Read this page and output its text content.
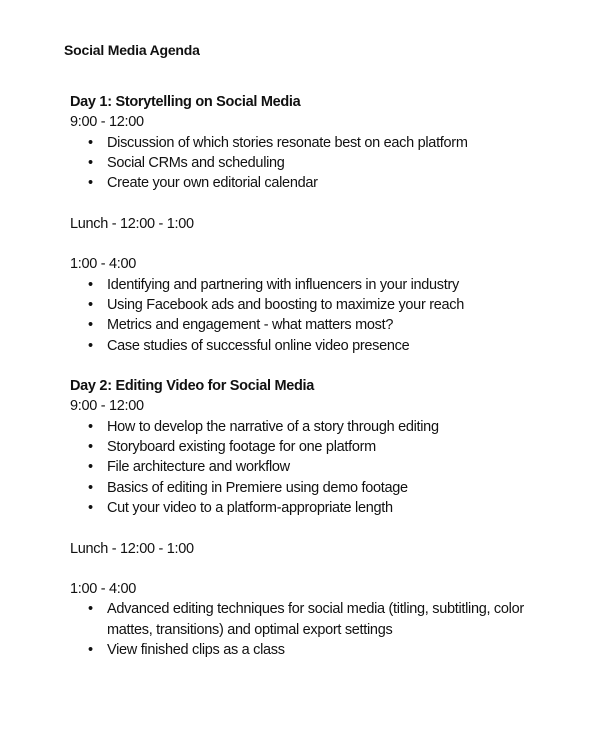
Social Media Agenda
Day 1: Storytelling on Social Media
9:00 - 12:00
• Discussion of which stories resonate best on each platform
• Social CRMs and scheduling
• Create your own editorial calendar
Lunch - 12:00 - 1:00
1:00 - 4:00
• Identifying and partnering with influencers in your industry
• Using Facebook ads and boosting to maximize your reach
• Metrics and engagement - what matters most?
• Case studies of successful online video presence
Day 2: Editing Video for Social Media
9:00 - 12:00
• How to develop the narrative of a story through editing
• Storyboard existing footage for one platform
• File architecture and workflow
• Basics of editing in Premiere using demo footage
• Cut your video to a platform-appropriate length
Lunch - 12:00 - 1:00
1:00 - 4:00
• Advanced editing techniques for social media (titling, subtitling, color mattes, transitions) and optimal export settings
• View finished clips as a class
